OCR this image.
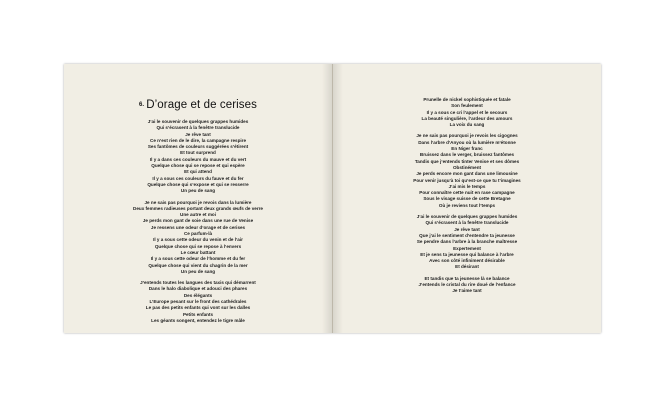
6. D’orage et de cerises
J’ai le souvenir de quelques grappes humides
Qui s’écrasent à la fenêtre translucide
Je rêve tant
Ce n’est rien de le dire, la campagne respire
Ses fantômes de couleurs suggérées s’étirent
Et tout surprend
Il y a dans ces couleurs du mauve et du vert
Quelque chose qui se repose et qui espère
Et qui attend
Il y a sous ces couleurs du fauve et du fer
Quelque chose qui s’expose et qui se resserre
Un peu de sang
Je ne sais pas pourquoi je revois dans la lumière
Deux femmes radieuses portant deux grands œufs de verre
Une autre et moi
Je perds mon gant de soie dans une rue de Venise
Je ressens une odeur d’orage et de cerises
Ce parfum-là
Il y a sous cette odeur du venin et de l’air
Quelque chose qui se repose à l’envers
Le cœur battant
Il y a sous cette odeur de l’homme et du fer
Quelque chose qui vient du chagrin de la mer
Un peu de sang
J’entends toutes les langues des taxis qui démarrent
Dans le halo diabolique et adouci des phares
Des élégants
L’Europe pesant sur le front des cathédrales
Le pas des petits enfants qui vont sur les dalles
Petits enfants
Les géants songent, entendez le tigre mâle
Prunelle de nickel sophistiquée et fatale
Son feulement
Il y a sous ce cri l’appel et le secours
La beauté singulière, l’ardeur des amours
La voix du sang
Je ne sais pas pourquoi je revois les cigognes
Dans l’arbre d’Anyou où la lumière m’étonne
En Niger franc
Bruissez dans le verger, bruissez fantômes
Tandis que j’entends tinter Venise et ses dômes
Obstinément
Je perds encore mon gant dans une limousine
Pour venir jusqu’à toi qu’est-ce que tu t’imagines
J’ai mis le temps
Pour connaître cette nuit en rase campagne
Sous le visage suisse de cette Bretagne
Où je reviens tout l’temps
J’ai le souvenir de quelques grappes humides
Qui s’écrasent à la fenêtre translucide
Je rêve tant
Que j’ai le sentiment d’entendre ta jeunesse
Se pendre dans l’arbre à la branche maîtresse
Expertement
Et je sens ta jeunesse qui balance à l’arbre
Avec son côté infiniment désirable
Et désirant
Et tandis que ta jeunesse là se balance
J’entends le cristal du rire doué de l’enfance
Je t’aime tant
